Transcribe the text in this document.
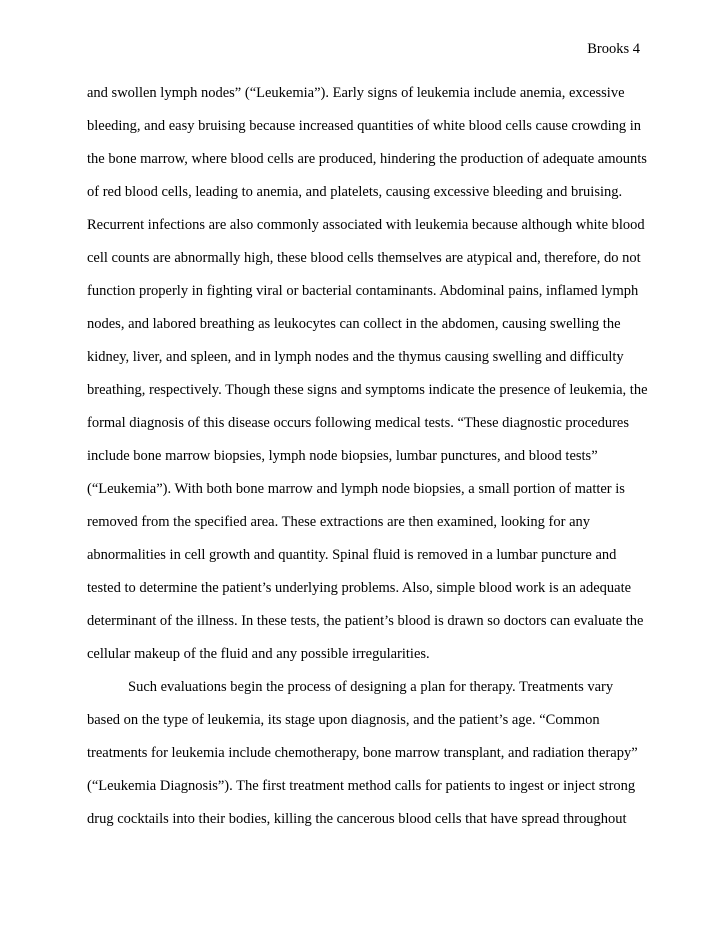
Brooks 4
and swollen lymph nodes” (“Leukemia”). Early signs of leukemia include anemia, excessive
bleeding, and easy bruising because increased quantities of white blood cells cause crowding in
the bone marrow, where blood cells are produced, hindering the production of adequate amounts
of red blood cells, leading to anemia, and platelets, causing excessive bleeding and bruising.
Recurrent infections are also commonly associated with leukemia because although white blood
cell counts are abnormally high, these blood cells themselves are atypical and, therefore, do not
function properly in fighting viral or bacterial contaminants. Abdominal pains, inflamed lymph
nodes, and labored breathing as leukocytes can collect in the abdomen, causing swelling the
kidney, liver, and spleen, and in lymph nodes and the thymus causing swelling and difficulty
breathing, respectively. Though these signs and symptoms indicate the presence of leukemia, the
formal diagnosis of this disease occurs following medical tests. “These diagnostic procedures
include bone marrow biopsies, lymph node biopsies, lumbar punctures, and blood tests”
(“Leukemia”). With both bone marrow and lymph node biopsies, a small portion of matter is
removed from the specified area. These extractions are then examined, looking for any
abnormalities in cell growth and quantity. Spinal fluid is removed in a lumbar puncture and
tested to determine the patient’s underlying problems. Also, simple blood work is an adequate
determinant of the illness. In these tests, the patient’s blood is drawn so doctors can evaluate the
cellular makeup of the fluid and any possible irregularities.
Such evaluations begin the process of designing a plan for therapy. Treatments vary
based on the type of leukemia, its stage upon diagnosis, and the patient’s age. “Common
treatments for leukemia include chemotherapy, bone marrow transplant, and radiation therapy”
(“Leukemia Diagnosis”). The first treatment method calls for patients to ingest or inject strong
drug cocktails into their bodies, killing the cancerous blood cells that have spread throughout
